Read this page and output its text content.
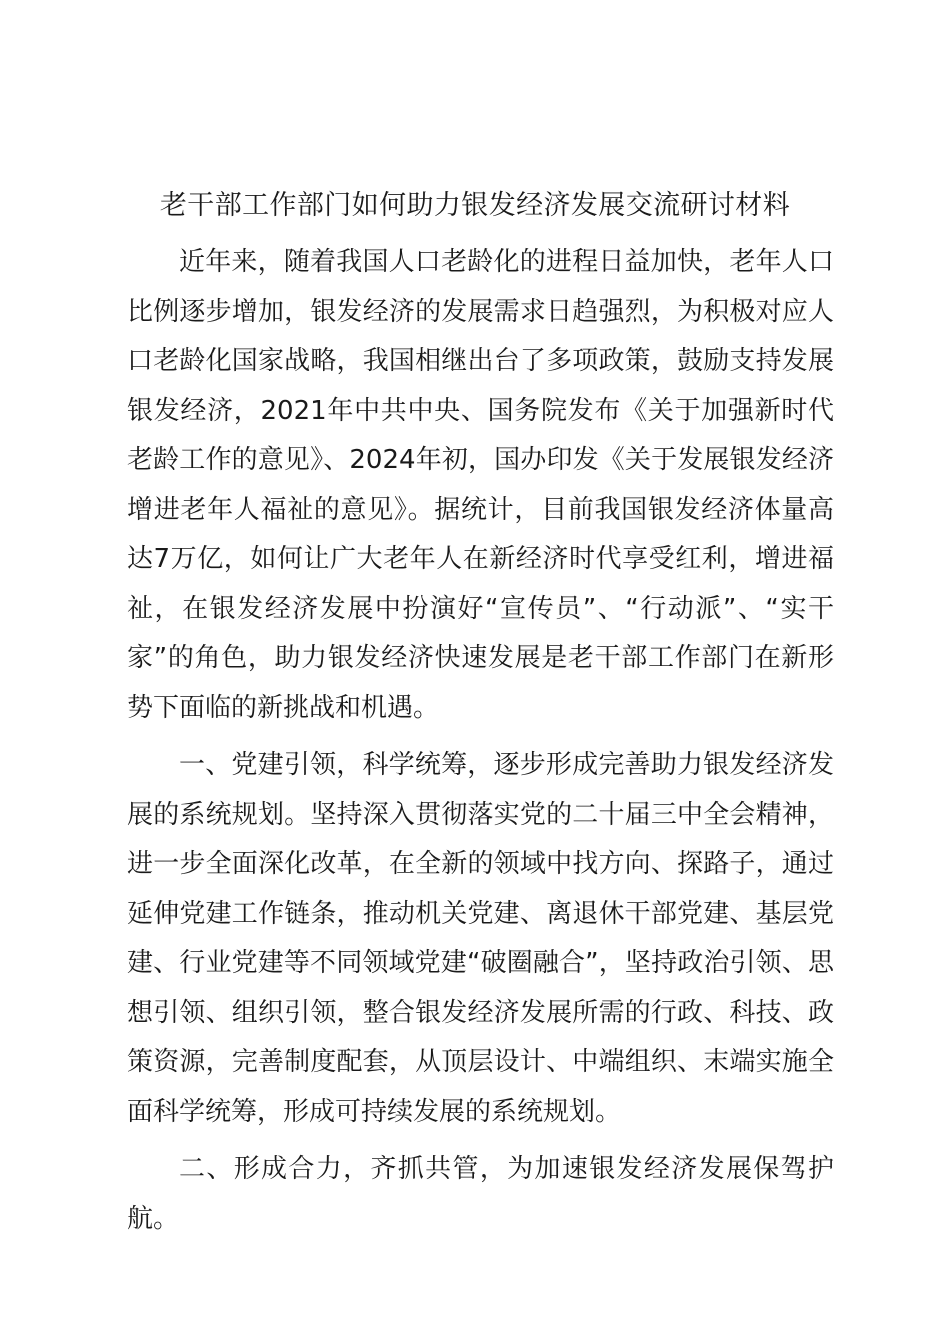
老干部工作部门如何助力银发经济发展交流研讨材料

近年来，随着我国人口老龄化的进程日益加快，老年人口比例逐步增加，银发经济的发展需求日趋强烈，为积极对应人口老龄化国家战略，我国相继出台了多项政策，鼓励支持发展银发经济，2021年中共中央、国务院发布《关于加强新时代老龄工作的意见》、2024年初，国办印发《关于发展银发经济增进老年人福祉的意见》。据统计，目前我国银发经济体量高达7万亿，如何让广大老年人在新经济时代享受红利，增进福祉，在银发经济发展中扮演好“宣传员”、“行动派”、“实干家”的角色，助力银发经济快速发展是老干部工作部门在新形势下面临的新挑战和机遇。

一、党建引领，科学统筹，逐步形成完善助力银发经济发展的系统规划。坚持深入贯彻落实党的二十届三中全会精神，进一步全面深化改革，在全新的领域中找方向、探路子，通过延伸党建工作链条，推动机关党建、离退休干部党建、基层党建、行业党建等不同领域党建“破圈融合”，坚持政治引领、思想引领、组织引领，整合银发经济发展所需的行政、科技、政策资源，完善制度配套，从顶层设计、中端组织、末端实施全面科学统筹，形成可持续发展的系统规划。

二、形成合力，齐抓共管，为加速银发经济发展保驾护航。
